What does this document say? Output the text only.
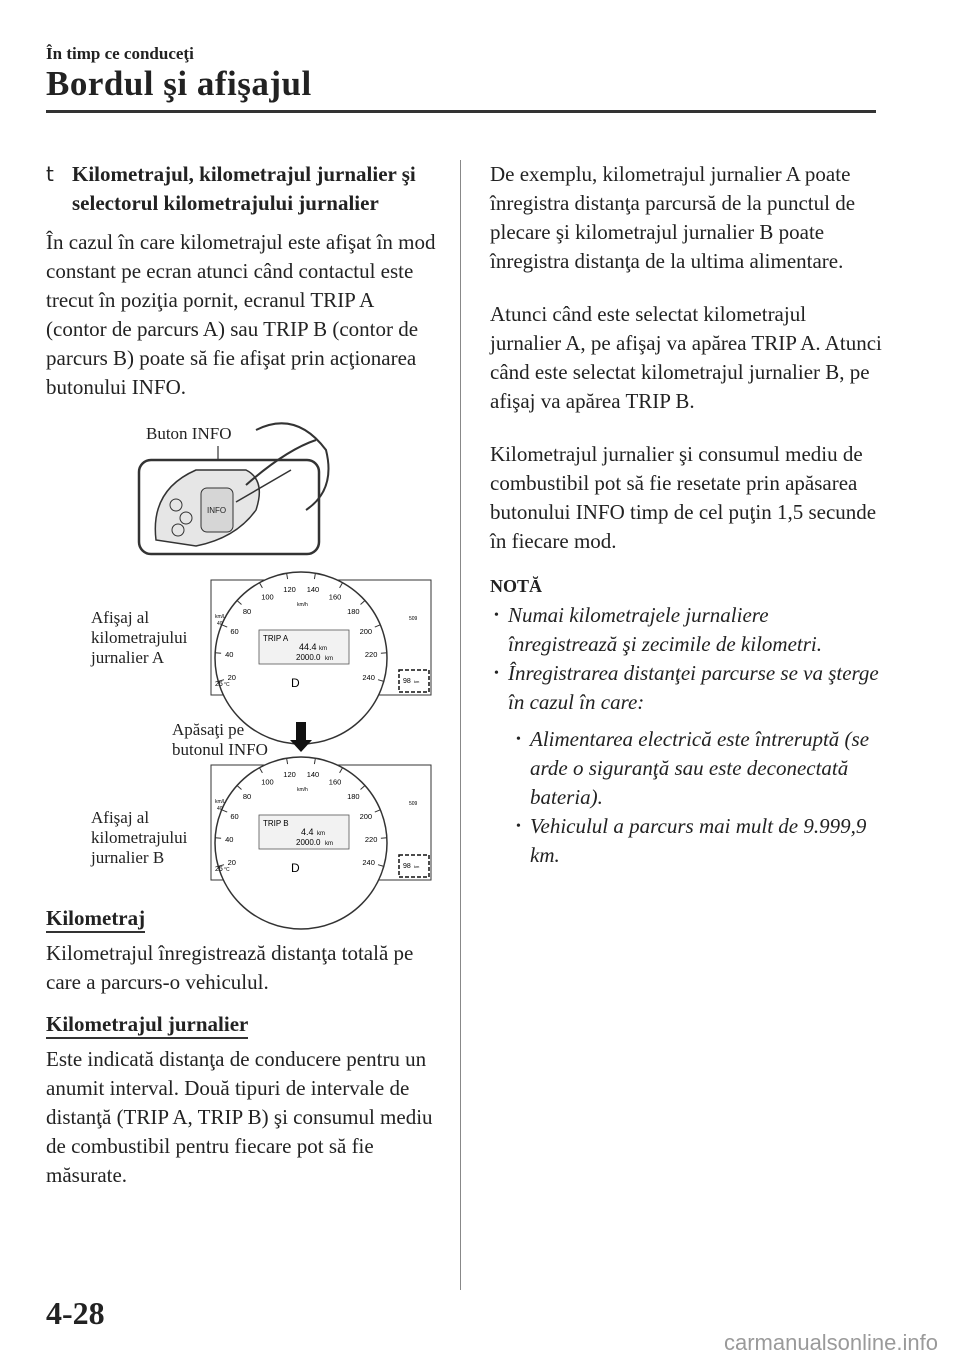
În timp ce conduceţi
Bordul şi afişajul
t Kilometrajul, kilometrajul jurnalier şi selectorul kilometrajului jurnalier

În cazul în care kilometrajul este afişat în mod constant pe ecran atunci când contactul este trecut în poziţia pornit, ecranul TRIP A (contor de parcurs A) sau TRIP B (contor de parcurs B) poate să fie afişat prin acţionarea butonului INFO.

Buton INFO
Afişaj al kilometrajului jurnalier A
Apăsaţi pe butonul INFO
Afişaj al kilometrajului jurnalier B
INFO
20
40
60
80
100
120 140
160
180
200
220
240
TRIP A
44.4 km
2000.0 km
D
km/h
km/L
40
25 °C
509
98 km
20
40
60
80
100
120 140
160
180
200
220
240
TRIP B
4.4 km
2000.0 km
D
km/h
km/L
40
25 °C
509
98 km
Kilometraj

Kilometrajul înregistrează distanţa totală pe care a parcurs-o vehiculul.

Kilometrajul jurnalier

Este indicată distanţa de conducere pentru un anumit interval. Două tipuri de intervale de distanţă (TRIP A, TRIP B) şi consumul mediu de combustibil pentru fiecare pot să fie măsurate.

De exemplu, kilometrajul jurnalier A poate înregistra distanţa parcursă de la punctul de plecare şi kilometrajul jurnalier B poate înregistra distanţa de la ultima alimentare.

Atunci când este selectat kilometrajul jurnalier A, pe afişaj va apărea TRIP A. Atunci când este selectat kilometrajul jurnalier B, pe afişaj va apărea TRIP B.

Kilometrajul jurnalier şi consumul mediu de combustibil pot să fie resetate prin apăsarea butonului INFO timp de cel puţin 1,5 secunde în fiecare mod.

NOTĂ

• Numai kilometrajele jurnaliere înregistrează şi zecimile de kilometri.
• Înregistrarea distanţei parcurse se va şterge în cazul în care:
• Alimentarea electrică este întreruptă (se arde o siguranţă sau este deconectată bateria).
• Vehiculul a parcurs mai mult de 9.999,9 km.
4-28
carmanualsonline.info
